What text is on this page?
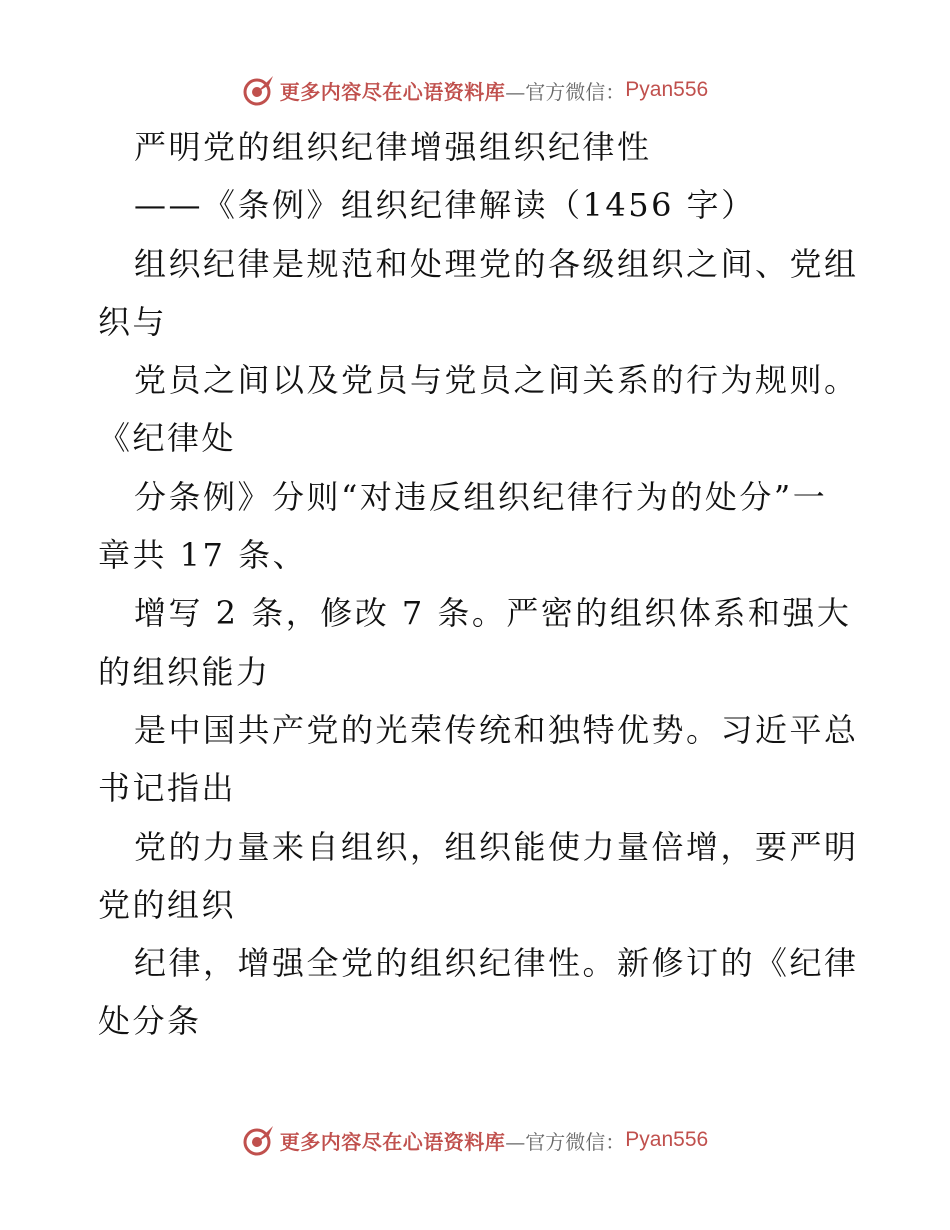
更多内容尽在心语资料库 —官方微信： Pyan556
严明党的组织纪律增强组织纪律性
——《条例》组织纪律解读（1456 字）
组织纪律是规范和处理党的各级组织之间、党组
织与
党员之间以及党员与党员之间关系的行为规则。
《纪律处
分条例》分则“对违反组织纪律行为的处分”一
章共 17 条、
增写 2 条，修改 7 条。严密的组织体系和强大
的组织能力
是中国共产党的光荣传统和独特优势。习近平总
书记指出
党的力量来自组织，组织能使力量倍增，要严明
党的组织
纪律，增强全党的组织纪律性。新修订的《纪律
处分条
更多内容尽在心语资料库 —官方微信： Pyan556
